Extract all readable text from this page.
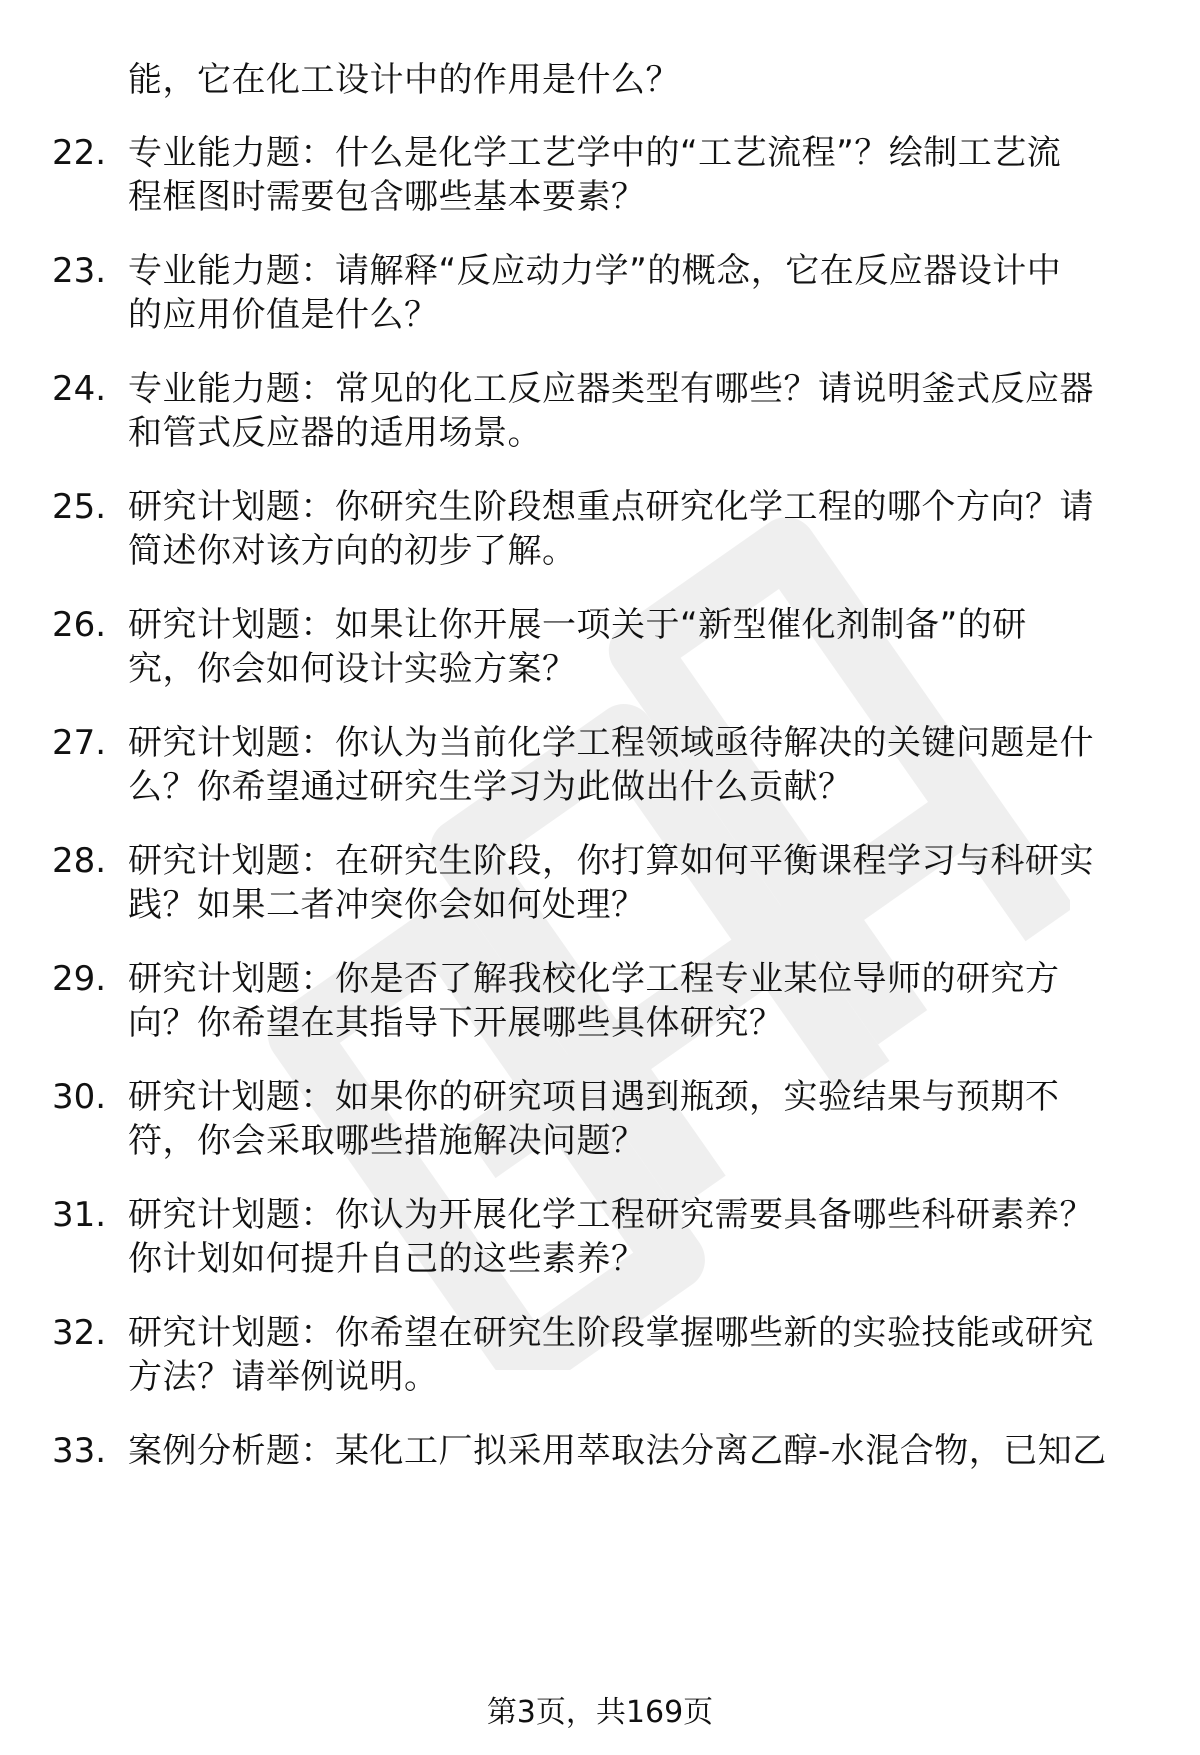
能，它在化工设计中的作用是什么？
22. 专业能力题：什么是化学工艺学中的“工艺流程”？绘制工艺流
程框图时需要包含哪些基本要素？
23. 专业能力题：请解释“反应动力学”的概念，它在反应器设计中
的应用价值是什么？
24. 专业能力题：常见的化工反应器类型有哪些？请说明釜式反应器
和管式反应器的适用场景。
25. 研究计划题：你研究生阶段想重点研究化学工程的哪个方向？请
简述你对该方向的初步了解。
26. 研究计划题：如果让你开展一项关于“新型催化剂制备”的研
究，你会如何设计实验方案？
27. 研究计划题：你认为当前化学工程领域亟待解决的关键问题是什
么？你希望通过研究生学习为此做出什么贡献？
28. 研究计划题：在研究生阶段，你打算如何平衡课程学习与科研实
践？如果二者冲突你会如何处理？
29. 研究计划题：你是否了解我校化学工程专业某位导师的研究方
向？你希望在其指导下开展哪些具体研究？
30. 研究计划题：如果你的研究项目遇到瓶颈，实验结果与预期不
符，你会采取哪些措施解决问题？
31. 研究计划题：你认为开展化学工程研究需要具备哪些科研素养？
你计划如何提升自己的这些素养？
32. 研究计划题：你希望在研究生阶段掌握哪些新的实验技能或研究
方法？请举例说明。
33. 案例分析题：某化工厂拟采用萃取法分离乙醇-水混合物，已知乙
第3页，共169页
